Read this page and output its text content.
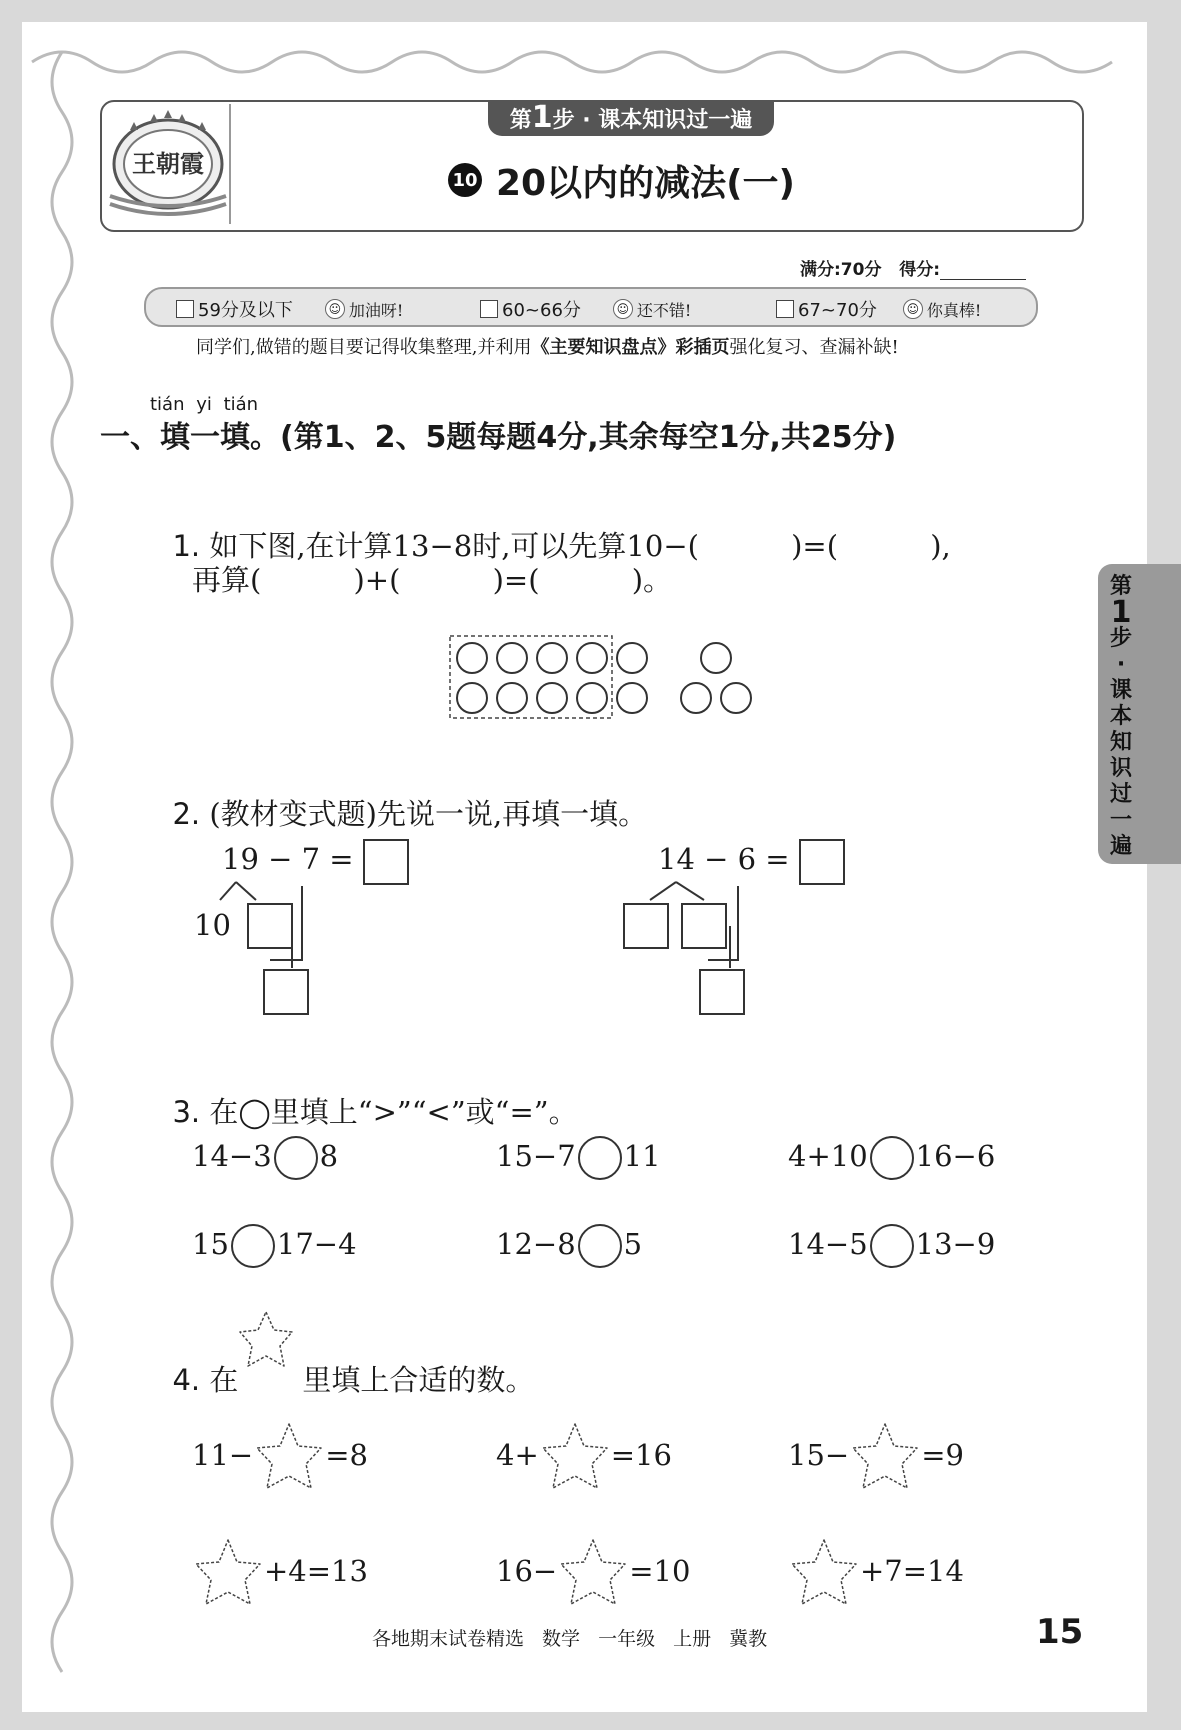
王朝霞
第1步 · 课本知识过一遍
10 20以内的减法(一)
满分:70分 得分:
59分及以下	☺ 加油呀!	60~66分	☺ 还不错!	67~70分	☺ 你真棒!
同学们,做错的题目要记得收集整理,并利用《主要知识盘点》彩插页强化复习、查漏补缺!
tián yi tián
一、填一填。(第1、2、5题每题4分,其余每空1分,共25分)

1. 如下图,在计算13−8时,可以先算10−(          )=(          ),

再算(          )+(          )=(          )。

2. (教材变式题)先说一说,再填一填。

19 − 7 =
10
14 − 6 =

3. 在◯里填上“>”“<”或“=”。

14−3 8	15−7 11	4+10 16−6
15 17−4	12−8 5	14−5 13−9

4. 在 里填上合适的数。

11− =8	4+ =16	15− =9
+4=13	16− =10	+7=14
第
1
步
·
课
本
知
识
过
一
遍
各地期末试卷精选 数学 一年级 上册 冀教	15
